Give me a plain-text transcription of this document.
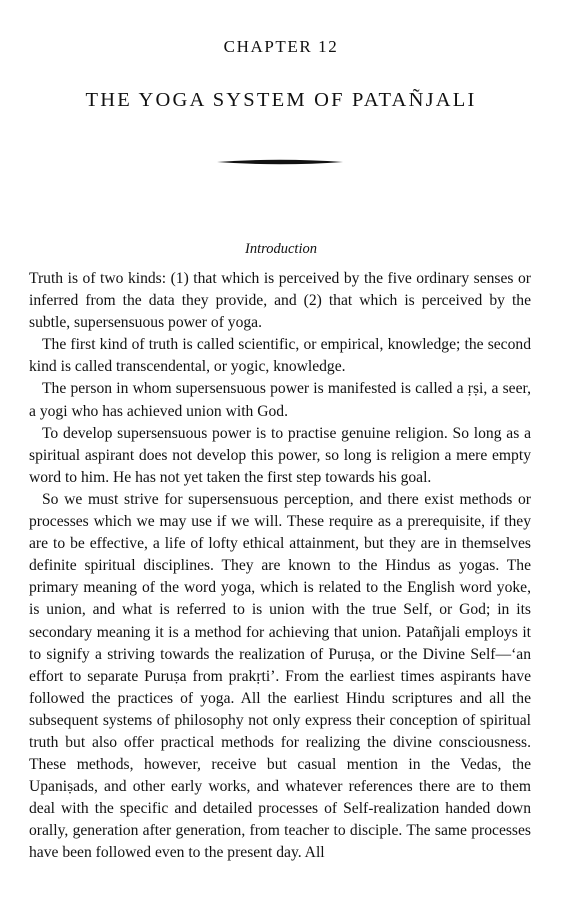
CHAPTER 12
THE YOGA SYSTEM OF PATAÑJALI
Introduction

Truth is of two kinds: (1) that which is perceived by the five ordinary senses or inferred from the data they provide, and (2) that which is perceived by the subtle, supersensuous power of yoga.

The first kind of truth is called scientific, or empirical, knowledge; the second kind is called transcendental, or yogic, knowledge.

The person in whom supersensuous power is manifested is called a ṛṣi, a seer, a yogi who has achieved union with God.

To develop supersensuous power is to practise genuine religion. So long as a spiritual aspirant does not develop this power, so long is religion a mere empty word to him. He has not yet taken the first step towards his goal.

So we must strive for supersensuous perception, and there exist methods or processes which we may use if we will. These require as a prerequisite, if they are to be effective, a life of lofty ethical attainment, but they are in themselves definite spiritual disciplines. They are known to the Hindus as yogas. The primary meaning of the word yoga, which is related to the English word yoke, is union, and what is referred to is union with the true Self, or God; in its secondary meaning it is a method for achieving that union. Patañjali employs it to signify a striving towards the realization of Puruṣa, or the Divine Self—‘an effort to separate Puruṣa from prakṛti’. From the earliest times aspirants have followed the practices of yoga. All the earliest Hindu scriptures and all the subsequent systems of philosophy not only express their conception of spiritual truth but also offer practical methods for realizing the divine consciousness. These methods, however, receive but casual mention in the Vedas, the Upaniṣads, and other early works, and whatever references there are to them deal with the specific and detailed processes of Self-realization handed down orally, generation after generation, from teacher to disciple. The same processes have been followed even to the present day. All
